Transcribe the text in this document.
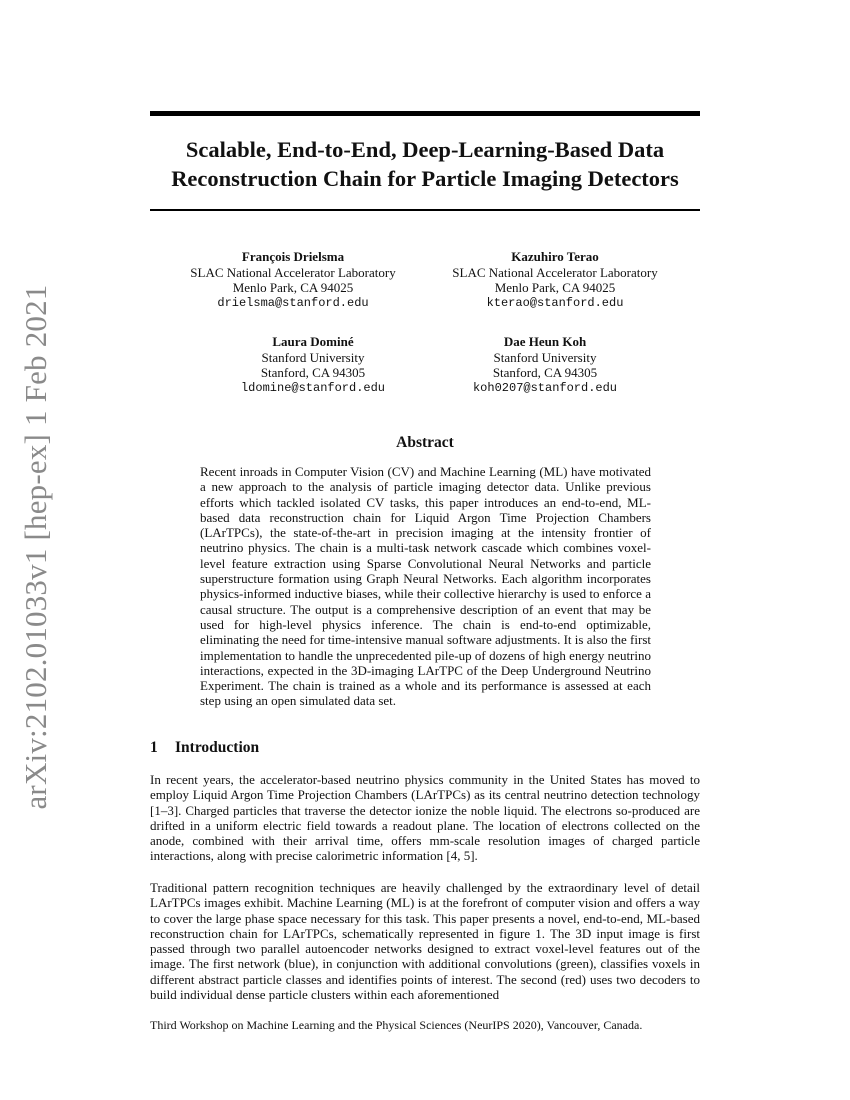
arXiv:2102.01033v1 [hep-ex] 1 Feb 2021
Scalable, End-to-End, Deep-Learning-Based Data
Reconstruction Chain for Particle Imaging Detectors
François Drielsma
SLAC National Accelerator Laboratory
Menlo Park, CA 94025
drielsma@stanford.edu
Kazuhiro Terao
SLAC National Accelerator Laboratory
Menlo Park, CA 94025
kterao@stanford.edu
Laura Dominé
Stanford University
Stanford, CA 94305
ldomine@stanford.edu
Dae Heun Koh
Stanford University
Stanford, CA 94305
koh0207@stanford.edu
Abstract
Recent inroads in Computer Vision (CV) and Machine Learning (ML) have motivated a new approach to the analysis of particle imaging detector data. Unlike previous efforts which tackled isolated CV tasks, this paper introduces an end-to-end, ML-based data reconstruction chain for Liquid Argon Time Projection Chambers (LArTPCs), the state-of-the-art in precision imaging at the intensity frontier of neutrino physics. The chain is a multi-task network cascade which combines voxel-level feature extraction using Sparse Convolutional Neural Networks and particle superstructure formation using Graph Neural Networks. Each algorithm incorporates physics-informed inductive biases, while their collective hierarchy is used to enforce a causal structure. The output is a comprehensive description of an event that may be used for high-level physics inference. The chain is end-to-end optimizable, eliminating the need for time-intensive manual software adjustments. It is also the first implementation to handle the unprecedented pile-up of dozens of high energy neutrino interactions, expected in the 3D-imaging LArTPC of the Deep Underground Neutrino Experiment. The chain is trained as a whole and its performance is assessed at each step using an open simulated data set.
1 Introduction
In recent years, the accelerator-based neutrino physics community in the United States has moved to employ Liquid Argon Time Projection Chambers (LArTPCs) as its central neutrino detection technology [1–3]. Charged particles that traverse the detector ionize the noble liquid. The electrons so-produced are drifted in a uniform electric field towards a readout plane. The location of electrons collected on the anode, combined with their arrival time, offers mm-scale resolution images of charged particle interactions, along with precise calorimetric information [4, 5].
Traditional pattern recognition techniques are heavily challenged by the extraordinary level of detail LArTPCs images exhibit. Machine Learning (ML) is at the forefront of computer vision and offers a way to cover the large phase space necessary for this task. This paper presents a novel, end-to-end, ML-based reconstruction chain for LArTPCs, schematically represented in figure 1. The 3D input image is first passed through two parallel autoencoder networks designed to extract voxel-level features out of the image. The first network (blue), in conjunction with additional convolutions (green), classifies voxels in different abstract particle classes and identifies points of interest. The second (red) uses two decoders to build individual dense particle clusters within each aforementioned
Third Workshop on Machine Learning and the Physical Sciences (NeurIPS 2020), Vancouver, Canada.
